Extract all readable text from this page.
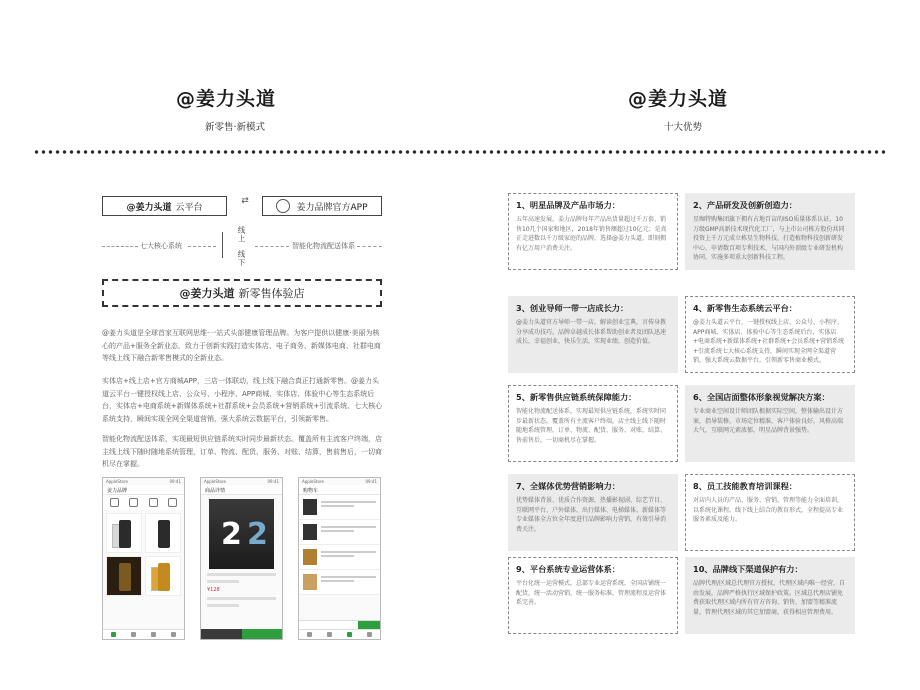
@姜力头道
新零售·新模式
@姜力头道
十大优势
@姜力头道 云平台
⇄
姜力品牌官方APP
七大核心系统
线上
线下
智能化物流配送体系
@姜力头道 新零售体验店
@姜力头道是全球首家互联网思维·一站式头部健康管理品牌。为客户提供以健康·美丽为核心的产品+服务全新业态，致力于创新实践打造实体店、电子商务、新媒体电商、社群电商等线上线下融合新零售模式的全新业态。
实体店+线上店+官方商城APP，三店一体联动，线上线下融合真正打通新零售。@姜力头道云平台一键授权线上店、公众号、小程序、APP商城、实体店、体验中心等生态系统后台，实体店+电商系统+新媒体系统+社群系统+会员系统+营销系统+引流系统、七大核心系统支持，瞬间实现全网全渠道营销，强大系统云数据平台，引领新零售。
智能化物流配送体系，实现最短供应链系统实时同步最新状态。覆盖所有主流客户终端，店主线上线下随时随地系统管理，订单、物流、配货、服务、对账、结算，售前售后，一切商机尽在掌握。
AppleStore	09:41
姜力品牌
AppleStore	09:41
商品详情
2 2
¥128
AppleStore	09:41
购物车
1、明星品牌及产品市场力：

五年高速发展，姜力品牌每年产品出货量超过千万套、销售10几个国家和地区，2018年销售额超过10亿元；是真正走进数以千万级家庭的品牌，选择@姜力头道，即刻拥有亿万用户消费关注。

2、产品研发及创新创造力：

星咖特购集团旗下拥有占地百亩的ISO质量体系认证，10万级GMP高新技术现代化工厂，与上市公司栋方股份共同投资上千万元成立栋星生物科技，打造植物科技创新研发中心，申请数百项专利技术，与国内外顶级专业研发机构协同，实施多项重大创新科技工程。

3、创业导师一带一店成长力：

@姜力头道官方导师一带一店，解读创业宝典，言传身教分享成功技巧，品牌卓越成长体系帮助创业者及团队迅速成长，幸福创业，快乐生活，实现业绩，创造价值。

4、新零售生态系统云平台：

@姜力头道云平台，一键授权线上店、公众号、小程序、APP商城、实体店、体验中心等生态系统后台，实体店+电商系统+新媒体系统+社群系统+会员系统+营销系统+引流系统七大核心系统支持，瞬间实现全网全渠道营销，强大系统云数据平台，引领新零售商业模式。

5、新零售供应链系统保障能力：

智能化物流配送体系，实现最短供应链系统，系统实时同步最新状态。覆盖所有主流客户终端，店主线上线下随时随地系统管理，订单、物流、配货、服务、对账、结算、售前售后，一切商机尽在掌握。

6、全国店面整体形象视觉解决方案：

专业商业空间设计师团队根据实际空间，整体输出设计方案，指导装修，市场定位精准，客户体验良好，风格高端大气，互联网元素浓郁，明星品牌背景强势。

7、全媒体优势营销影响力：

优势媒体背景、优质合作资源，热播影视剧、综艺节目、互联网平台、户外媒体、出行媒体、电梯媒体、新媒体等专业媒体全方位全年度进行品牌影响力营销，有效引导消费关注。

8、员工技能教育培训课程：

对店内人员的产品、服务、营销、管理等能力全面培训，以系统化课程，线下线上结合的教育形式，全程提高专业服务素质及能力。

9、平台系统专业运营体系：

平台化统一运营模式，总部专业运营系统，全国店铺统一配货，统一活动营销，统一服务标准，管理流程及运营体系完善。

10、品牌线下渠道保护有力：

品牌代理/区域总代理官方授权，代理区域内唯一经营，自由发展，品牌严格执行区域保护政策。区域总代理店铺免费获取代理区域内所有官方咨询、销售，加盟等精准流量，管理代理区域的其它加盟商，获得相应管理费用。
